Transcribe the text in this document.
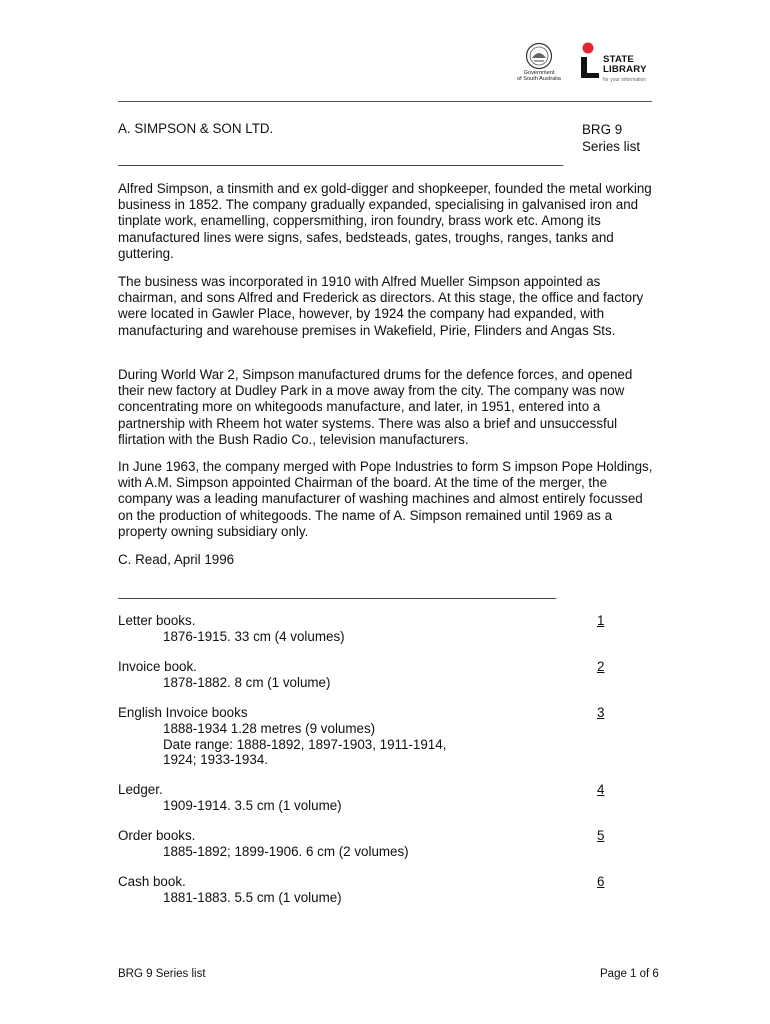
Government
of South Australia
STATE
LIBRARY
for your information
A. SIMPSON & SON LTD.	BRG 9
Series list
________________________________________________________________

Alfred Simpson, a tinsmith and ex gold-digger and shopkeeper, founded the metal working business in 1852. The company gradually expanded, specialising in galvanised iron and tinplate work, enamelling, coppersmithing, iron foundry, brass work etc. Among its manufactured lines were signs, safes, bedsteads, gates, troughs, ranges, tanks and guttering.

The business was incorporated in 1910 with Alfred Mueller Simpson appointed as chairman, and sons Alfred and Frederick as directors. At this stage, the office and factory were located in Gawler Place, however, by 1924 the company had expanded, with manufacturing and warehouse premises in Wakefield, Pirie, Flinders and Angas Sts.

During World War 2, Simpson manufactured drums for the defence forces, and opened their new factory at Dudley Park in a move away from the city. The company was now concentrating more on whitegoods manufacture, and later, in 1951, entered into a partnership with Rheem hot water systems. There was also a brief and unsuccessful flirtation with the Bush Radio Co., television manufacturers.

In June 1963, the company merged with Pope Industries to form S impson Pope Holdings, with A.M. Simpson appointed Chairman of the board. At the time of the merger, the company was a leading manufacturer of washing machines and almost entirely focussed on the production of whitegoods. The name of A. Simpson remained until 1969 as a property owning subsidiary only.

C. Read, April 1996

_______________________________________________________________
Letter books.
1876-1915. 33 cm (4 volumes)
1
Invoice book.
1878-1882. 8 cm (1 volume)
2
English Invoice books
1888-1934 1.28 metres (9 volumes)
Date range: 1888-1892, 1897-1903, 1911-1914,
1924; 1933-1934.
3
Ledger.
1909-1914. 3.5 cm (1 volume)
4
Order books.
1885-1892; 1899-1906. 6 cm (2 volumes)
5
Cash book.
1881-1883. 5.5 cm (1 volume)
6
BRG 9 Series list	Page 1 of 6
